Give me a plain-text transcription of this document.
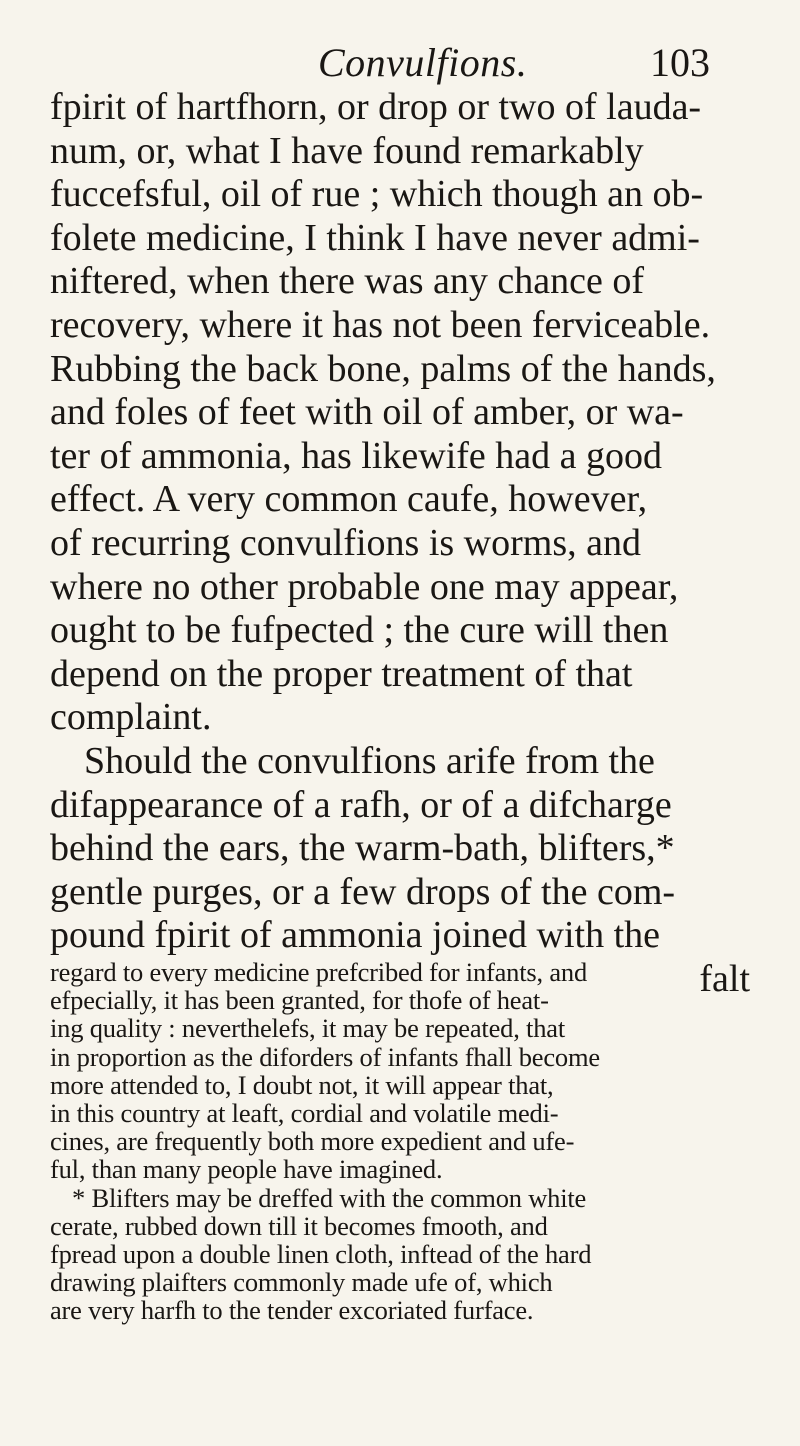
Convulfions.	103
fpirit of hartfhorn, or drop or two of lauda-
num, or, what I have found remarkably
fuccefsful, oil of rue ; which though an ob-
folete medicine, I think I have never admi-
niftered, when there was any chance of
recovery, where it has not been ferviceable.
Rubbing the back bone, palms of the hands,
and foles of feet with oil of amber, or wa-
ter of ammonia, has likewife had a good
effect. A very common caufe, however,
of recurring convulfions is worms, and
where no other probable one may appear,
ought to be fufpected ; the cure will then
depend on the proper treatment of that
complaint.
Should the convulfions arife from the
difappearance of a rafh, or of a difcharge
behind the ears, the warm-bath, blifters,*
gentle purges, or a few drops of the com-
pound fpirit of ammonia joined with the
falt
regard to every medicine prefcribed for infants, and
efpecially, it has been granted, for thofe of heat-
ing quality : neverthelefs, it may be repeated, that
in proportion as the diforders of infants fhall become
more attended to, I doubt not, it will appear that,
in this country at leaft, cordial and volatile medi-
cines, are frequently both more expedient and ufe-
ful, than many people have imagined.
* Blifters may be dreffed with the common white
cerate, rubbed down till it becomes fmooth, and
fpread upon a double linen cloth, inftead of the hard
drawing plaifters commonly made ufe of, which
are very harfh to the tender excoriated furface.
